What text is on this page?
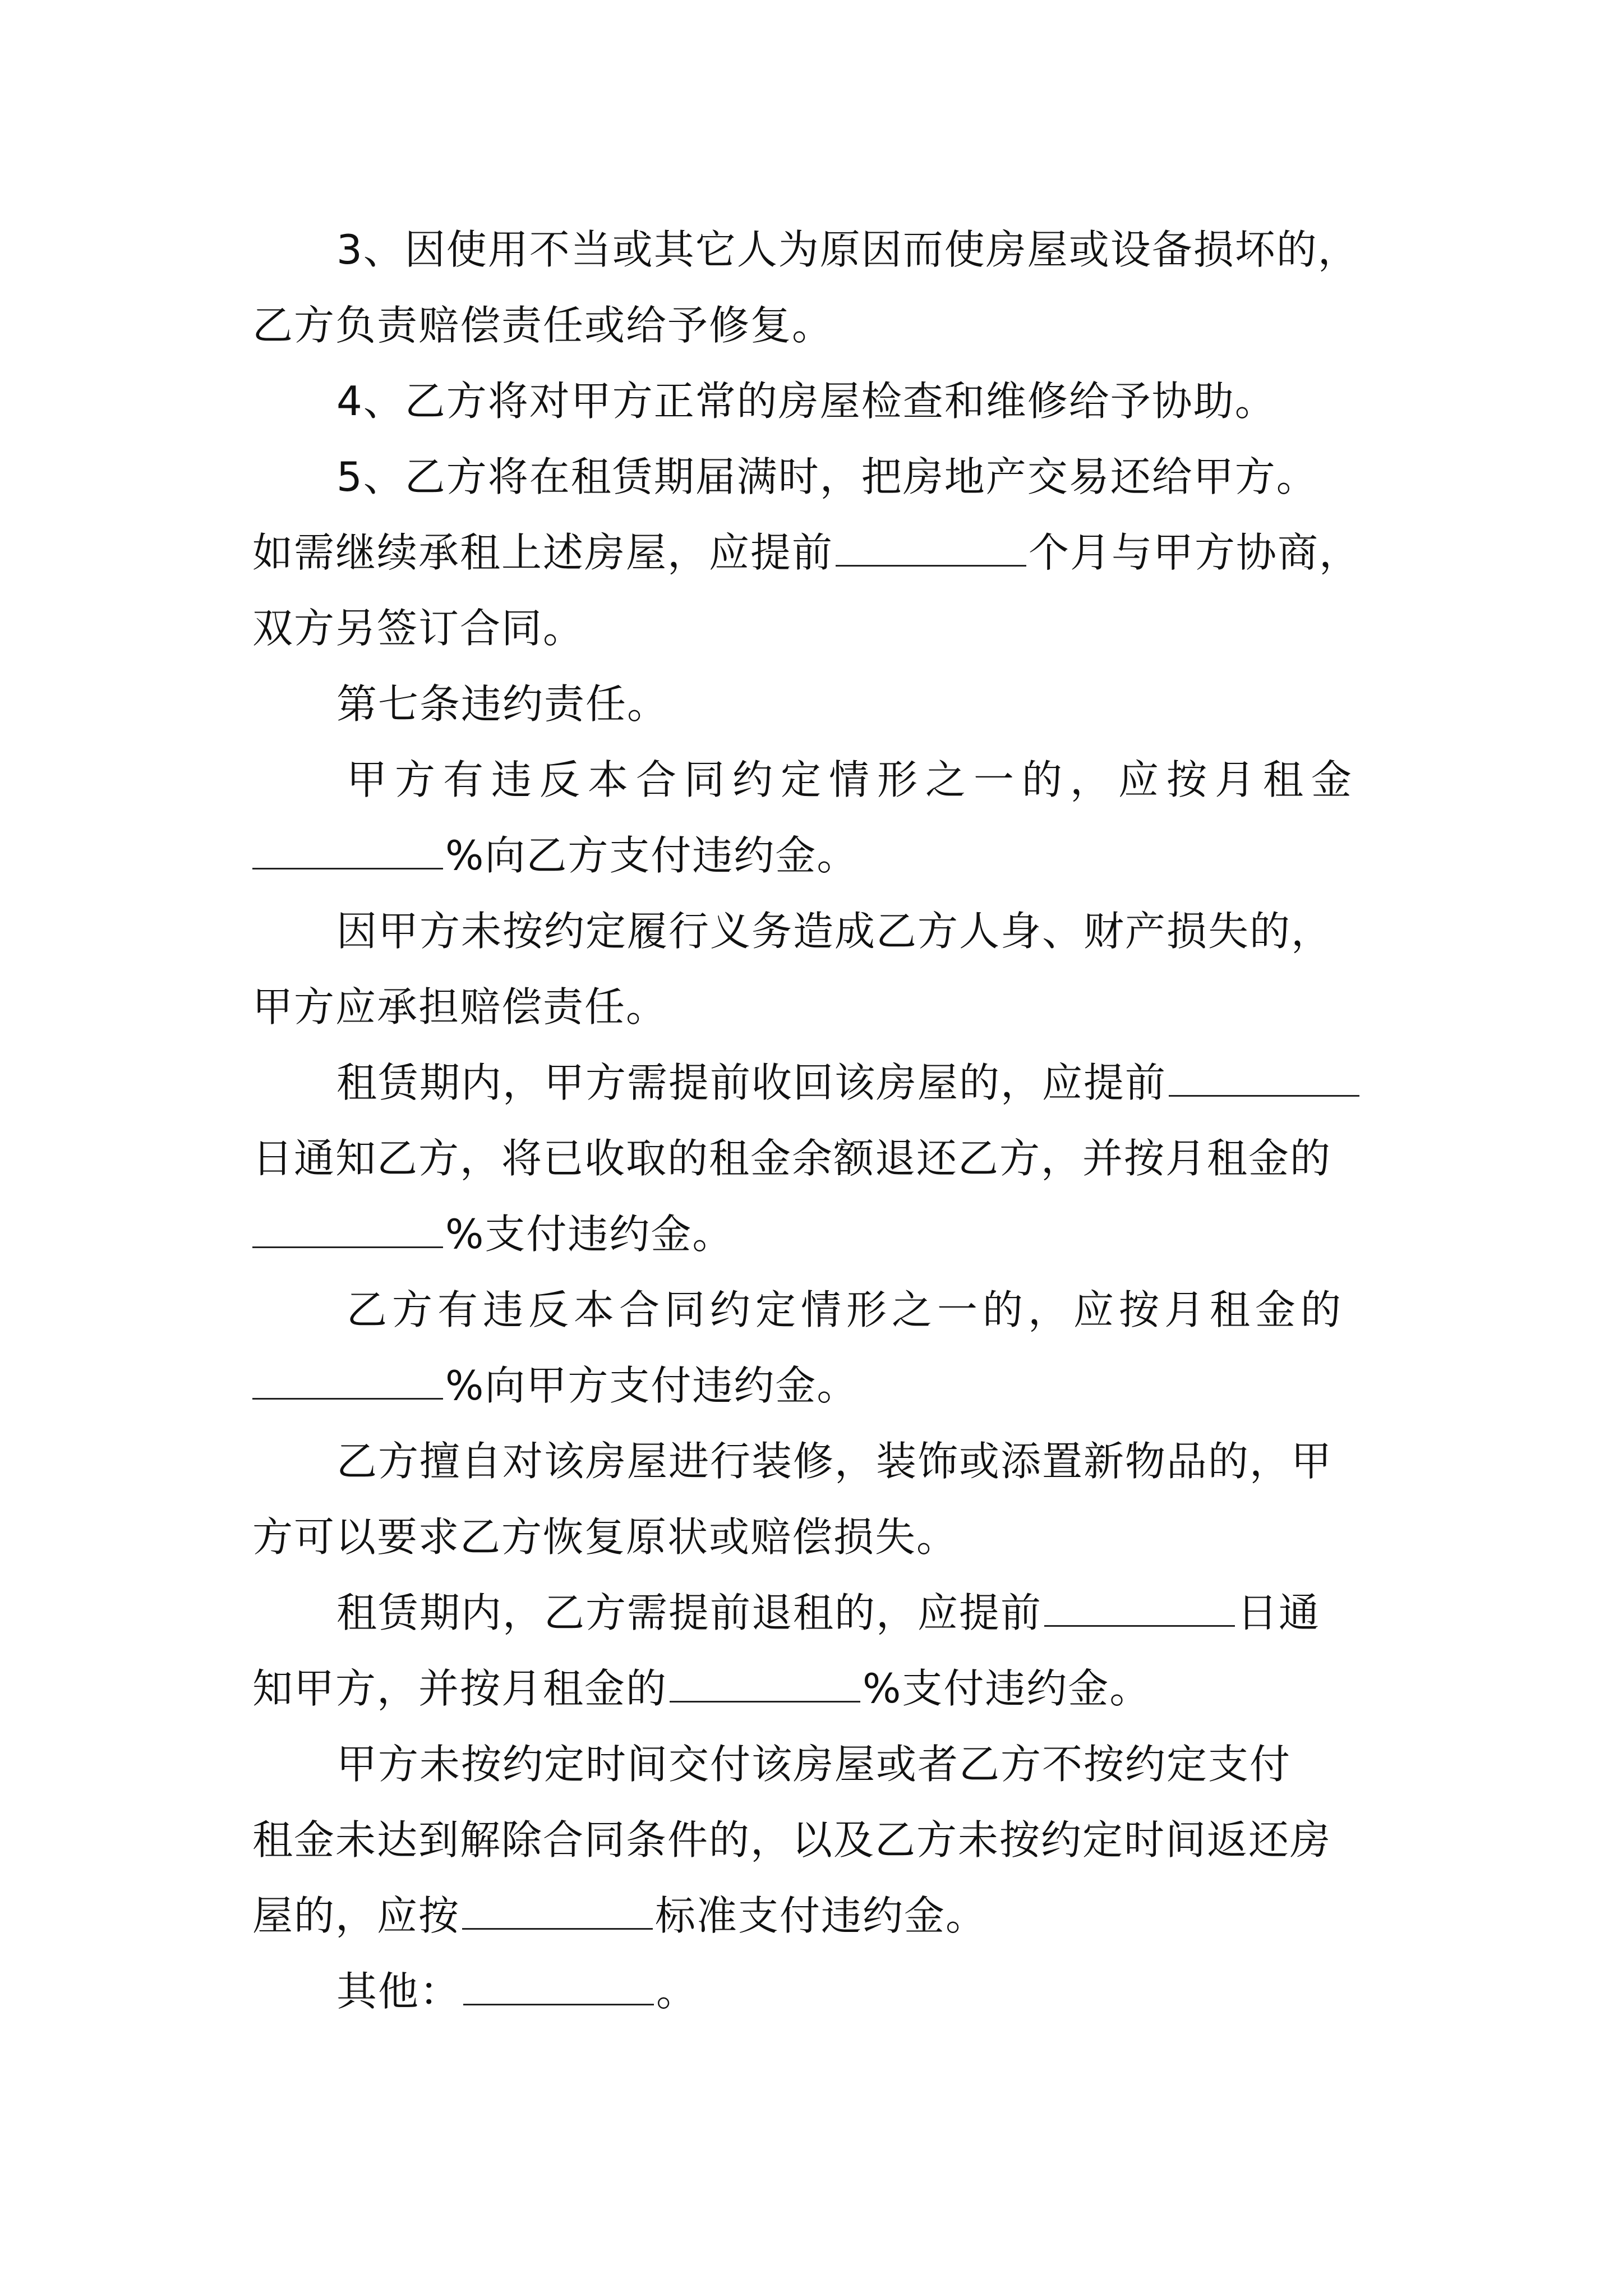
3、因使用不当或其它人为原因而使房屋或设备损坏的，
乙方负责赔偿责任或给予修复。
4、乙方将对甲方正常的房屋检查和维修给予协助。
5、乙方将在租赁期届满时，把房地产交易还给甲方。
如需继续承租上述房屋，应提前	个月与甲方协商，
双方另签订合同。
第七条违约责任。
甲方有违反本合同约定情形之一的，应按月租金
%向乙方支付违约金。
因甲方未按约定履行义务造成乙方人身、财产损失的，
甲方应承担赔偿责任。
租赁期内，甲方需提前收回该房屋的，应提前
日通知乙方，将已收取的租金余额退还乙方，并按月租金的
%支付违约金。
乙方有违反本合同约定情形之一的，应按月租金的
%向甲方支付违约金。
乙方擅自对该房屋进行装修，装饰或添置新物品的，甲
方可以要求乙方恢复原状或赔偿损失。
租赁期内，乙方需提前退租的，应提前	日通
知甲方，并按月租金的	%支付违约金。
甲方未按约定时间交付该房屋或者乙方不按约定支付
租金未达到解除合同条件的，以及乙方未按约定时间返还房
屋的，应按	标准支付违约金。
其他：	。
